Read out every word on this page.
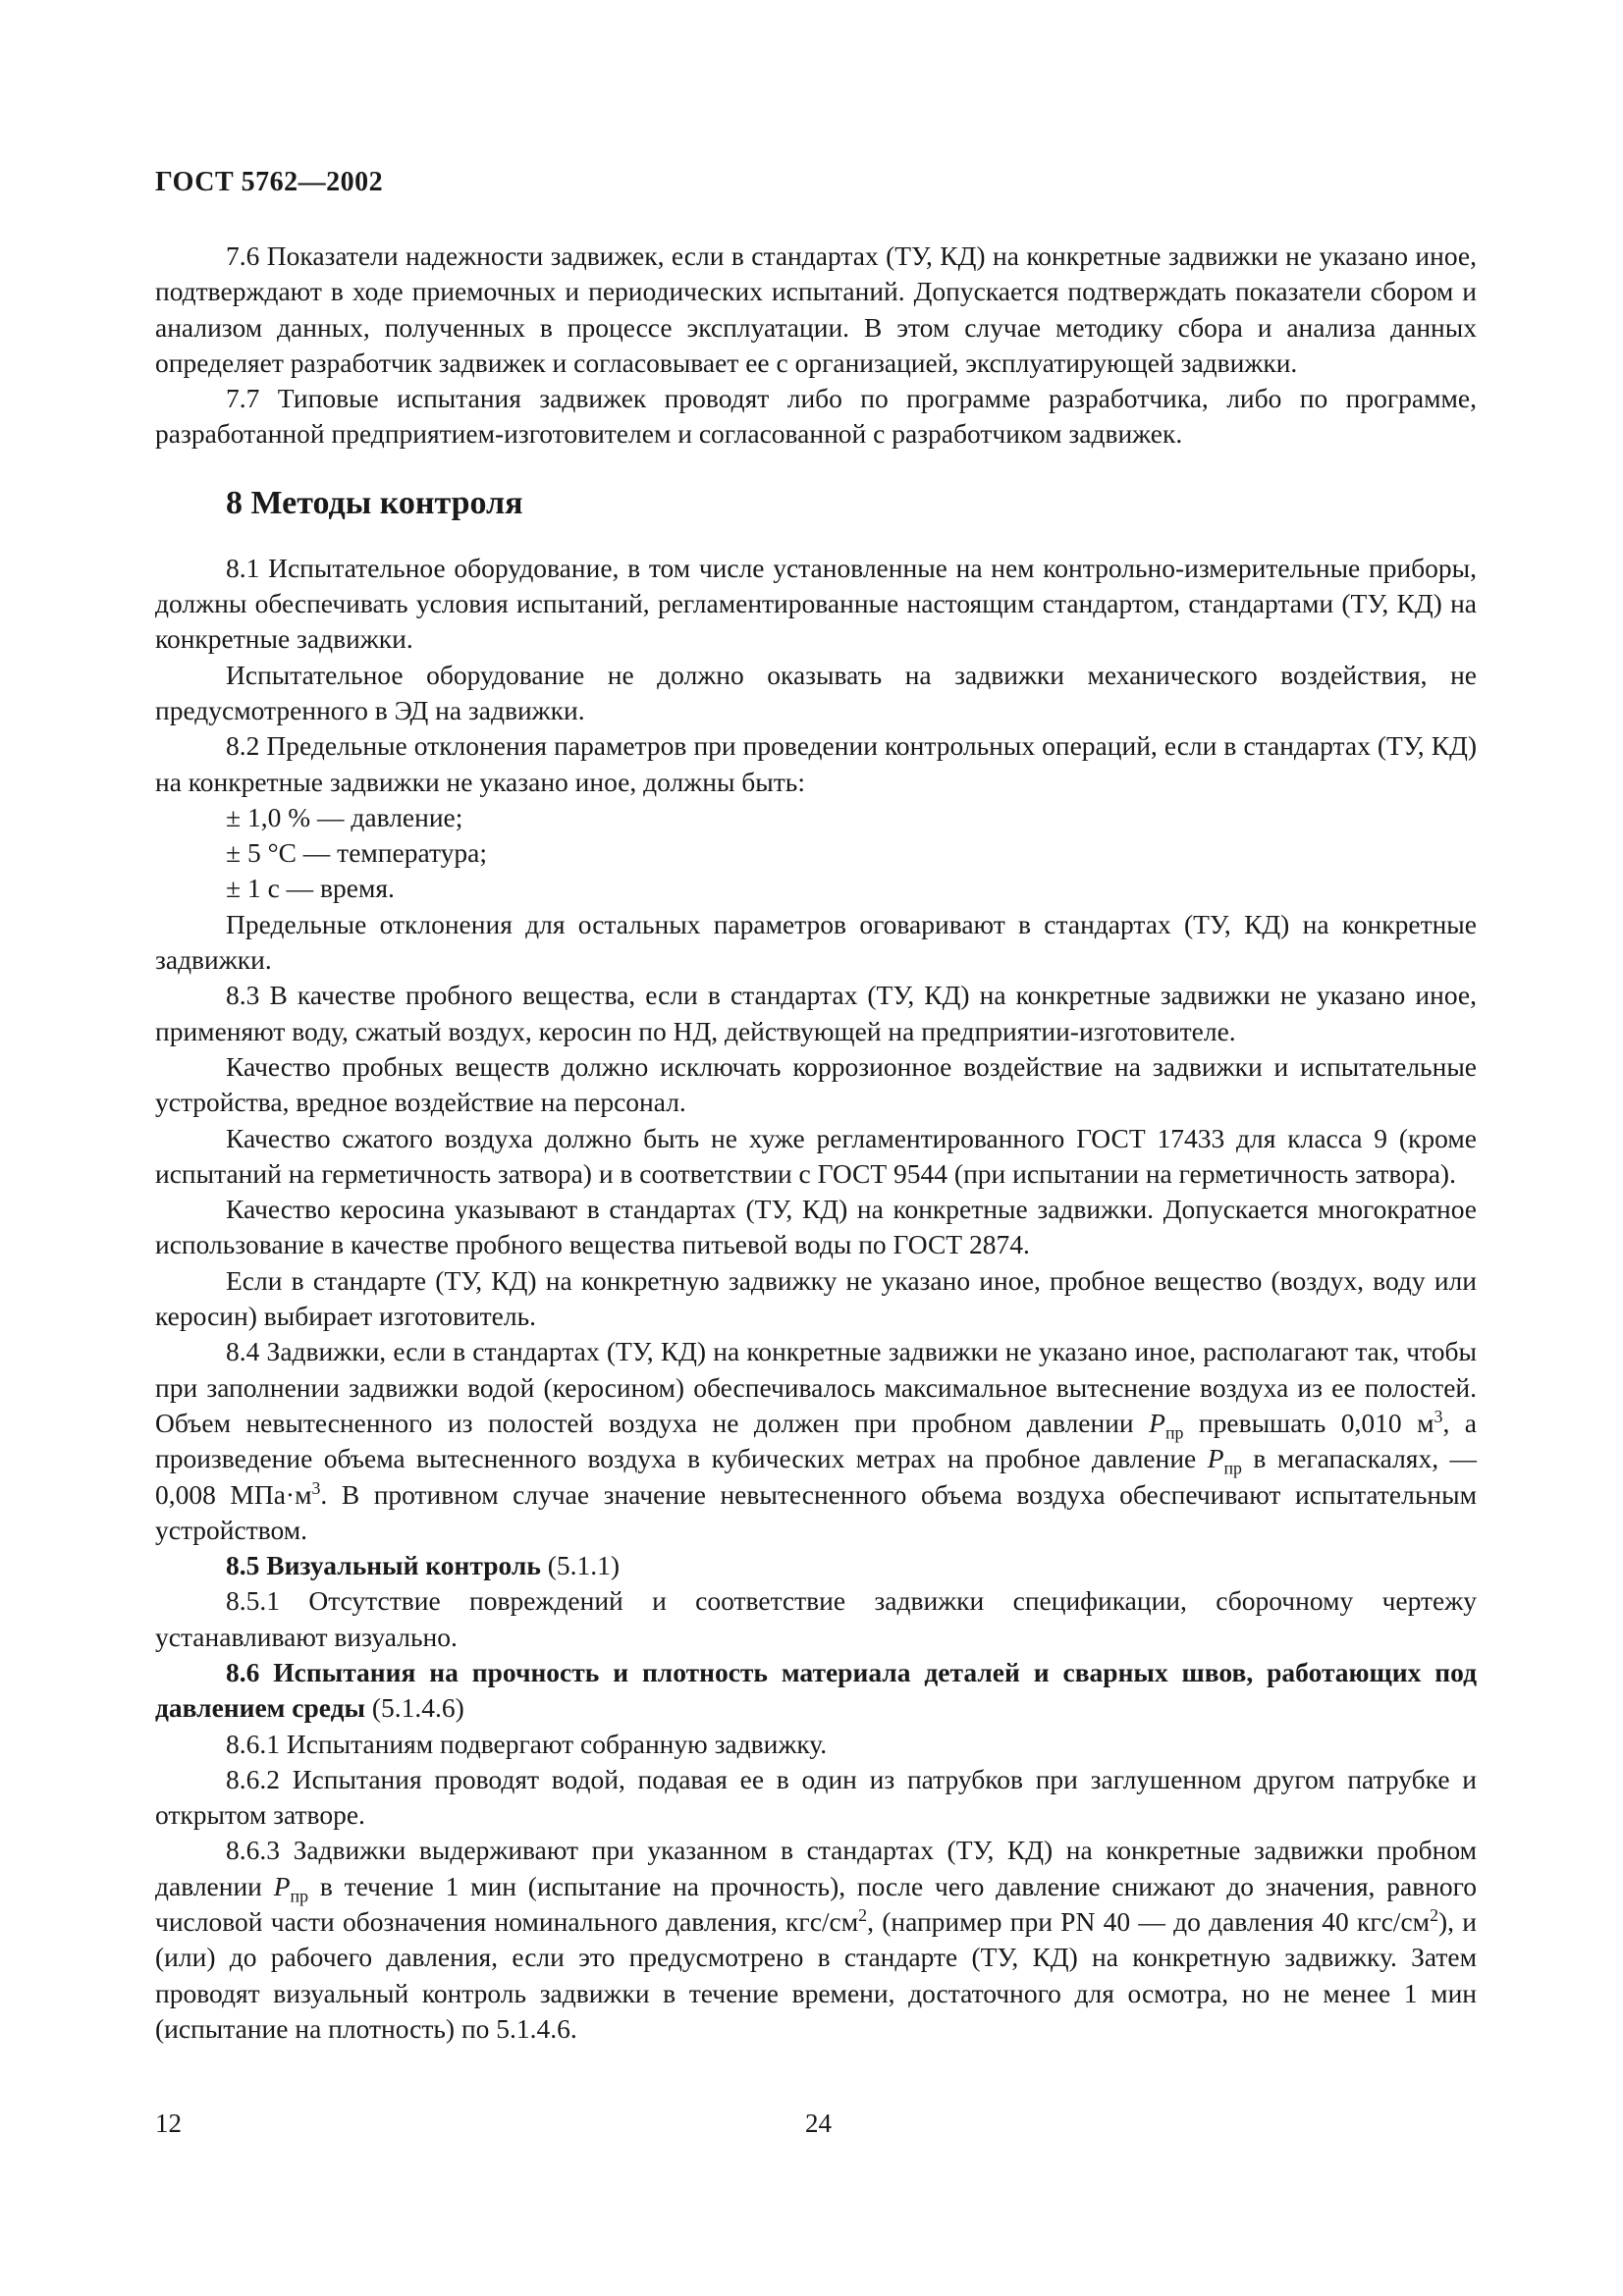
ГОСТ 5762—2002

7.6 Показатели надежности задвижек, если в стандартах (ТУ, КД) на конкретные задвижки не указано иное, подтверждают в ходе приемочных и периодических испытаний. Допускается подтверждать показатели сбором и анализом данных, полученных в процессе эксплуатации. В этом случае методику сбора и анализа данных определяет разработчик задвижек и согласовывает ее с организацией, эксплуатирующей задвижки.

7.7 Типовые испытания задвижек проводят либо по программе разработчика, либо по программе, разработанной предприятием-изготовителем и согласованной с разработчиком задвижек.

8 Методы контроля

8.1 Испытательное оборудование, в том числе установленные на нем контрольно-измерительные приборы, должны обеспечивать условия испытаний, регламентированные настоящим стандартом, стандартами (ТУ, КД) на конкретные задвижки.

Испытательное оборудование не должно оказывать на задвижки механического воздействия, не предусмотренного в ЭД на задвижки.

8.2 Предельные отклонения параметров при проведении контрольных операций, если в стандартах (ТУ, КД) на конкретные задвижки не указано иное, должны быть:

± 1,0 % — давление;

± 5 °С — температура;

± 1 с — время.

Предельные отклонения для остальных параметров оговаривают в стандартах (ТУ, КД) на конкретные задвижки.

8.3 В качестве пробного вещества, если в стандартах (ТУ, КД) на конкретные задвижки не указано иное, применяют воду, сжатый воздух, керосин по НД, действующей на предприятии-изготовителе.

Качество пробных веществ должно исключать коррозионное воздействие на задвижки и испытательные устройства, вредное воздействие на персонал.

Качество сжатого воздуха должно быть не хуже регламентированного ГОСТ 17433 для класса 9 (кроме испытаний на герметичность затвора) и в соответствии с ГОСТ 9544 (при испытании на герметичность затвора).

Качество керосина указывают в стандартах (ТУ, КД) на конкретные задвижки. Допускается многократное использование в качестве пробного вещества питьевой воды по ГОСТ 2874.

Если в стандарте (ТУ, КД) на конкретную задвижку не указано иное, пробное вещество (воздух, воду или керосин) выбирает изготовитель.

8.4 Задвижки, если в стандартах (ТУ, КД) на конкретные задвижки не указано иное, располагают так, чтобы при заполнении задвижки водой (керосином) обеспечивалось максимальное вытеснение воздуха из ее полостей. Объем невытесненного из полостей воздуха не должен при пробном давлении $P_{пр}$ превышать 0,010 $м^3$, а произведение объема вытесненного воздуха в кубических метрах на пробное давление $P_{пр}$ в мегапаскалях, — 0,008 $МПа\cdot м^3$. В противном случае значение невытесненного объема воздуха обеспечивают испытательным устройством.

8.5 Визуальный контроль (5.1.1)

8.5.1 Отсутствие повреждений и соответствие задвижки спецификации, сборочному чертежу устанавливают визуально.

8.6 Испытания на прочность и плотность материала деталей и сварных швов, работающих под давлением среды (5.1.4.6)

8.6.1 Испытаниям подвергают собранную задвижку.

8.6.2 Испытания проводят водой, подавая ее в один из патрубков при заглушенном другом патрубке и открытом затворе.

8.6.3 Задвижки выдерживают при указанном в стандартах (ТУ, КД) на конкретные задвижки пробном давлении $P_{пр}$ в течение 1 мин (испытание на прочность), после чего давление снижают до значения, равного числовой части обозначения номинального давления, кгс/$см^2$, (например при PN 40 — до давления 40 кгс/$см^2$), и (или) до рабочего давления, если это предусмотрено в стандарте (ТУ, КД) на конкретную задвижку. Затем проводят визуальный контроль задвижки в течение времени, достаточного для осмотра, но не менее 1 мин (испытание на плотность) по 5.1.4.6.

12	24
